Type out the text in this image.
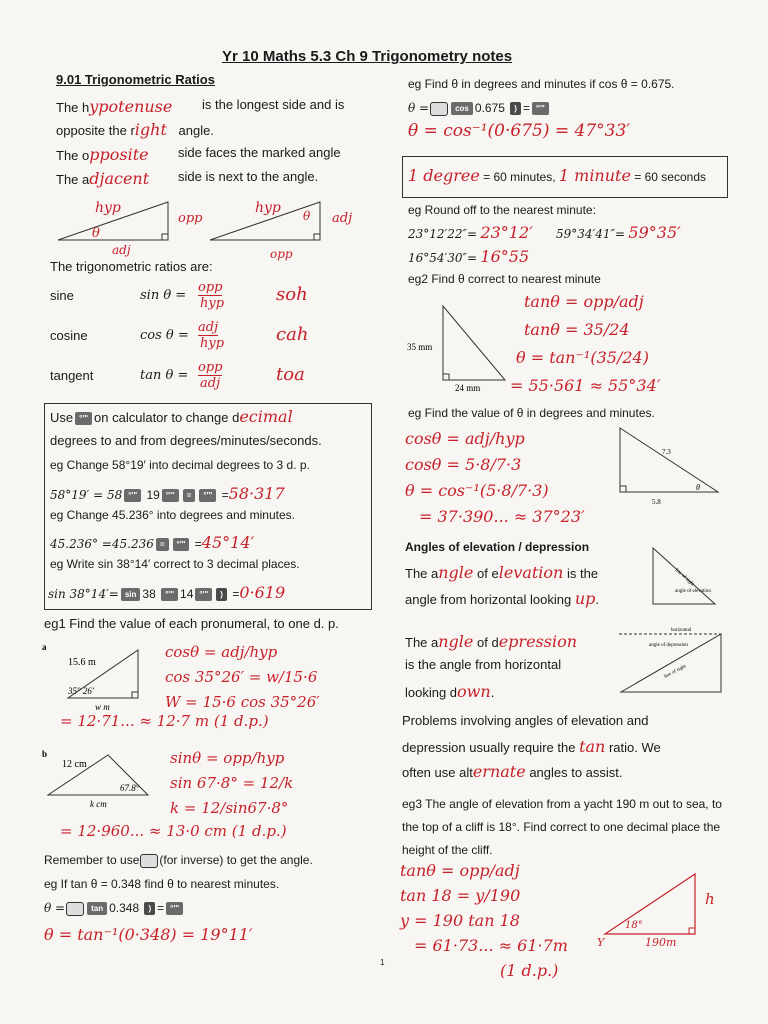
Yr 10 Maths 5.3 Ch 9 Trigonometry notes
9.01 Trigonometric Ratios
The hypotenuse is the longest side and is
opposite the right angle.
The opposite side faces the marked angle
The adjacent side is next to the angle.
hyp
opp
adj
θ
hyp
adj
opp
θ
The trigonometric ratios are:
sine	sin θ =
opp
hyp	soh
cosine	cos θ =
adj
hyp	cah
tangent	tan θ =
opp
adj	toa
Use °'" on calculator to change decimal
degrees to and from degrees/minutes/seconds.
eg Change 58°19′ into decimal degrees to 3 d. p.
58°19′ = 58 °'" 19 °'" = °'" =58·317
eg Change 45.236° into degrees and minutes.
45.236° =45.236 = °'" =45°14′
eg Write sin 38°14′ correct to 3 decimal places.
sin 38°14′= sin 38 °'" 14 °'" ) =0·619
eg1 Find the value of each pronumeral, to one d. p.
a
15.6 m
35° 26′
w m
cosθ = adj/hyp
cos 35°26′ = w/15·6
W = 15·6 cos 35°26′
= 12·71... ≈ 12·7 m (1 d.p.)
b
12 cm
67.8°
k cm
sinθ = opp/hyp
sin 67·8° = 12/k
k = 12/sin67·8°
= 12·960... ≈ 13·0 cm (1 d.p.)
Remember to use (for inverse) to get the angle.
eg If tan θ = 0.348 find θ to nearest minutes.
θ =	tan 0.348 ) = °'"
θ = tan⁻¹(0·348) = 19°11′
eg Find θ in degrees and minutes if cos θ = 0.675.
θ =	cos 0.675 ) = °'"
θ = cos⁻¹(0·675) = 47°33′
1 degree = 60 minutes, 1 minute = 60 seconds
eg Round off to the nearest minute:
23°12′22″= 23°12′ 59°34′41″= 59°35′
16°54′30″= 16°55
eg2 Find θ correct to nearest minute
35 mm
24 mm
tanθ = opp/adj
tanθ = 35/24
θ = tan⁻¹(35/24)
= 55·561 ≈ 55°34′
eg Find the value of θ in degrees and minutes.
7.3
5.8
θ
cosθ = adj/hyp
cosθ = 5·8/7·3
θ = cos⁻¹(5·8/7·3)
= 37·390... ≈ 37°23′
Angles of elevation / depression
The angle of elevation is the
angle from horizontal looking up.
line of sight
angle of elevation
The angle of depression
is the angle from horizontal
looking down.
horizontal
angle of depression
line of sight
Problems involving angles of elevation and
depression usually require the tan ratio. We
often use alternate angles to assist.
eg3 The angle of elevation from a yacht 190 m out to sea, to the top of a cliff is 18°. Find correct to one decimal place the height of the cliff.
tanθ = opp/adj
tan 18 = y/190
y = 190 tan 18
= 61·73... ≈ 61·7m
(1 d.p.)
h
18°
190m
Y
1
